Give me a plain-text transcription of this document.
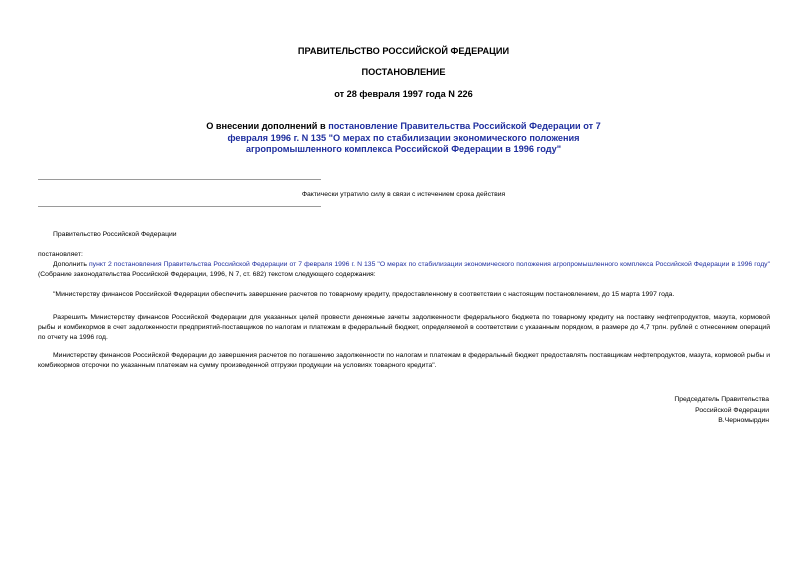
ПРАВИТЕЛЬСТВО РОССИЙСКОЙ ФЕДЕРАЦИИ
ПОСТАНОВЛЕНИЕ
от 28 февраля 1997 года N 226
О внесении дополнений в постановление Правительства Российской Федерации от 7 февраля 1996 г. N 135 "О мерах по стабилизации экономического положения агропромышленного комплекса Российской Федерации в 1996 году"
Фактически утратило силу в связи с истечением срока действия
Правительство Российской Федерации
постановляет:
Дополнить пункт 2 постановления Правительства Российской Федерации от 7 февраля 1996 г. N 135 "О мерах по стабилизации экономического положения агропромышленного комплекса Российской Федерации в 1996 году" (Собрание законодательства Российской Федерации, 1996, N 7, ст. 682) текстом следующего содержания:
"Министерству финансов Российской Федерации обеспечить завершение расчетов по товарному кредиту, предоставленному в соответствии с настоящим постановлением, до 15 марта 1997 года.
Разрешить Министерству финансов Российской Федерации для указанных целей провести денежные зачеты задолженности федерального бюджета по товарному кредиту на поставку нефтепродуктов, мазута, кормовой рыбы и комбикормов в счет задолженности предприятий-поставщиков по налогам и платежам в федеральный бюджет, определяемой в соответствии с указанным порядком, в размере до 4,7 трлн. рублей с отнесением операций по отчету на 1996 год.
Министерству финансов Российской Федерации до завершения расчетов по погашению задолженности по налогам и платежам в федеральный бюджет предоставлять поставщикам нефтепродуктов, мазута, кормовой рыбы и комбикормов отсрочки по указанным платежам на сумму произведенной отгрузки продукции на условиях товарного кредита".
Председатель Правительства
Российской Федерации
В.Черномырдин
